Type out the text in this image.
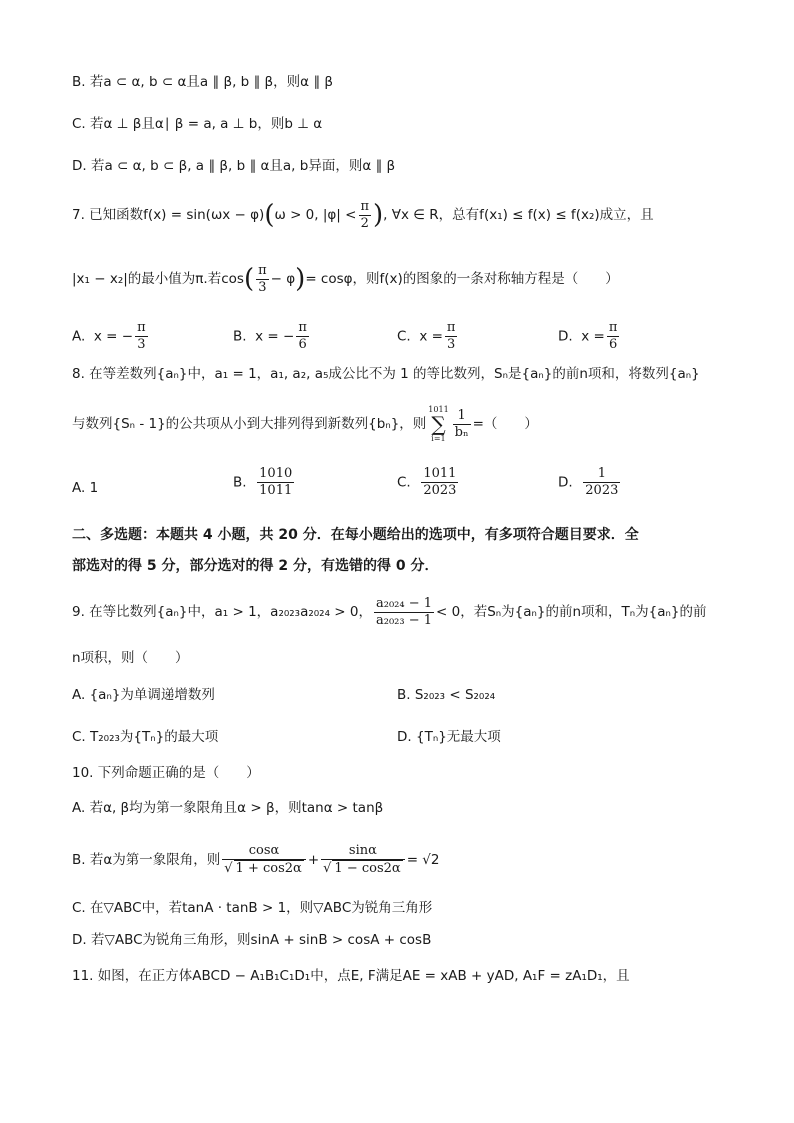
B. 若a ⊂ α, b ⊂ α且a ∥ β, b ∥ β，则α ∥ β
C. 若α ⊥ β且α∣ β = a, a ⊥ b，则b ⊥ α
D. 若a ⊂ α, b ⊂ β, a ∥ β, b ∥ α且a, b异面，则α ∥ β
7. 已知函数f(x) = sin(ωx − φ)(ω > 0, $|\varphi| < \frac{\pi}{2}$ ), ∀x ∈ R，总有f(x₁) ≤ f(x) ≤ f(x₂)成立，且
|x₁ − x₂|的最小值为π.若$\cos( \frac{\pi}{3} - \varphi)= \cos\varphi$，则f(x)的图象的一条对称轴方程是（　　）
A. x = − $\frac{\pi}{3}$	B. x = − $\frac{\pi}{6}$	C. $x = \frac{\pi}{3}$	D. $x = \frac{\pi}{6}$
8. 在等差数列{aₙ}中，a₁ = 1，a₁, a₂, a₅成公比不为 1 的等比数列，Sₙ是{aₙ}的前n项和，将数列{aₙ}
与数列{Sₙ - 1}的公共项从小到大排列得到新数列{bₙ}，则
1011
∑
$i=1 \frac{1}{\text{bₙ}}$ =（　　）
A. 1	B. $\frac{1010}{1011}$	C. $\frac{1011}{2023}$	D. $\frac{1}{2023}$
二、多选题：本题共 4 小题，共 20 分．在每小题给出的选项中，有多项符合题目要求．全
部选对的得 5 分，部分选对的得 2 分，有选错的得 0 分．
9. 在等比数列{aₙ}中，a₁ > 1，a₂₀₂₃a₂₀₂₄ > 0， $\frac{\text{a₂₀₂₄ − 1}}{\text{a₂₀₂₃ − 1}} < 0$，若Sₙ为{aₙ}的前n项和，Tₙ为{aₙ}的前
n项积，则（　　）
A. {aₙ}为单调递增数列	B. S₂₀₂₃ < S₂₀₂₄
C. T₂₀₂₃为{Tₙ}的最大项	D. {Tₙ}无最大项
10. 下列命题正确的是（　　）
A. 若α, β均为第一象限角且α > β，则tanα > tanβ
B. 若α为第一象限角，则 $\frac{\cos\alpha}{√ 1 + \cos 2\alpha} + \frac{\sin\alpha}{√ 1 - \cos 2\alpha} = √2$
C. 在▽ABC中，若tanA · tanB > 1，则▽ABC为锐角三角形
D. 若▽ABC为锐角三角形，则sinA + sinB > cosA + cosB
11. 如图，在正方体ABCD − A₁B₁C₁D₁中，点E, F满足AE = xAB + yAD, A₁F = zA₁D₁，且
